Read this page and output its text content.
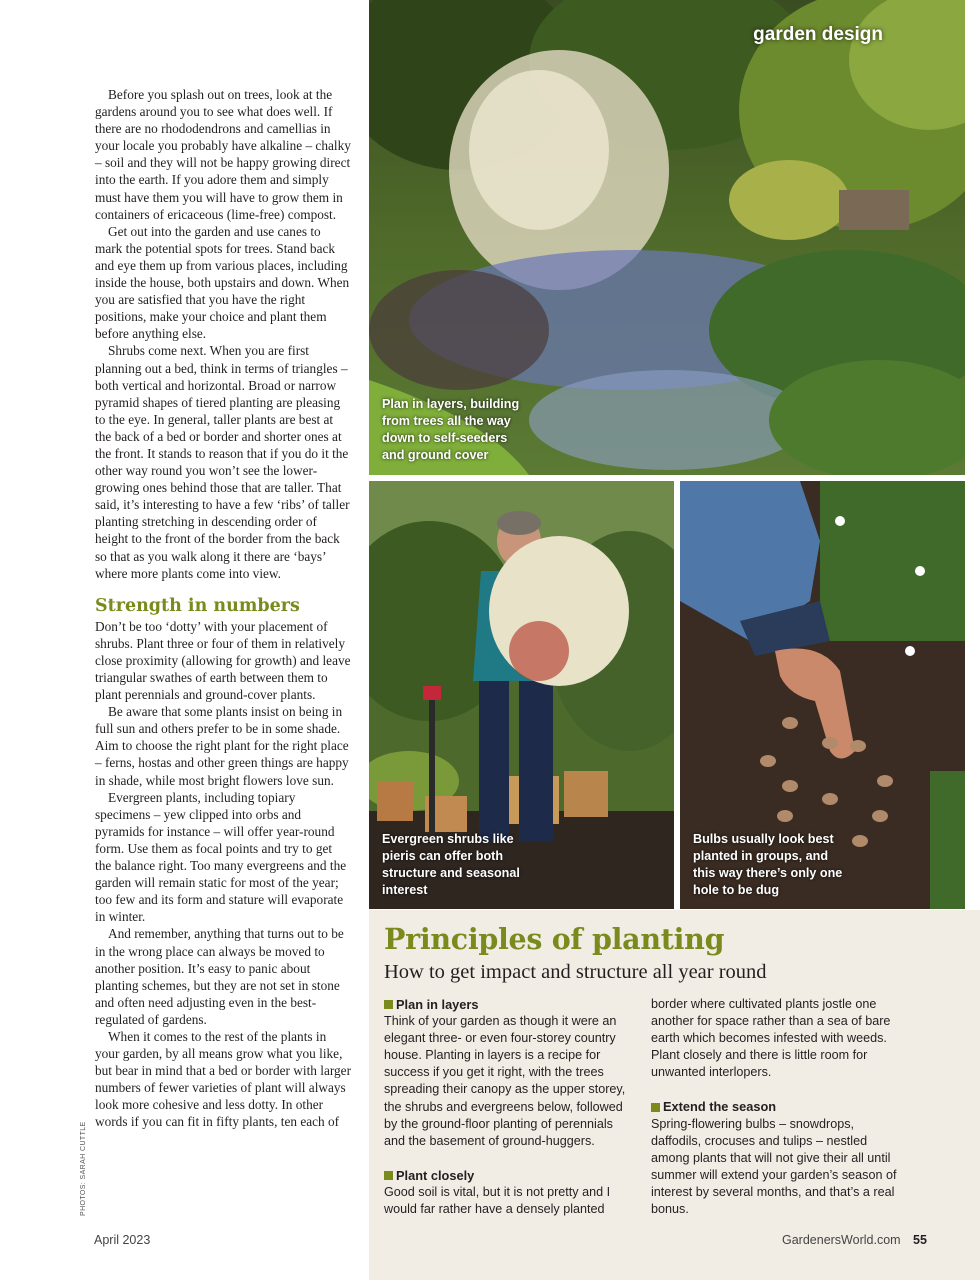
Before you splash out on trees, look at the gardens around you to see what does well. If there are no rhododendrons and camellias in your locale you probably have alkaline – chalky – soil and they will not be happy growing direct into the earth. If you adore them and simply must have them you will have to grow them in containers of ericaceous (lime-free) compost.

Get out into the garden and use canes to mark the potential spots for trees. Stand back and eye them up from various places, including inside the house, both upstairs and down. When you are satisfied that you have the right positions, make your choice and plant them before anything else.

Shrubs come next. When you are first planning out a bed, think in terms of triangles – both vertical and horizontal. Broad or narrow pyramid shapes of tiered planting are pleasing to the eye. In general, taller plants are best at the back of a bed or border and shorter ones at the front. It stands to reason that if you do it the other way round you won’t see the lower-growing ones behind those that are taller. That said, it’s interesting to have a few ‘ribs’ of taller planting stretching in descending order of height to the front of the border from the back so that as you walk along it there are ‘bays’ where more plants come into view.

Strength in numbers

Don’t be too ‘dotty’ with your placement of shrubs. Plant three or four of them in relatively close proximity (allowing for growth) and leave triangular swathes of earth between them to plant perennials and ground-cover plants.

Be aware that some plants insist on being in full sun and others prefer to be in some shade. Aim to choose the right plant for the right place – ferns, hostas and other green things are happy in shade, while most bright flowers love sun.

Evergreen plants, including topiary specimens – yew clipped into orbs and pyramids for instance – will offer year-round form. Use them as focal points and try to get the balance right. Too many evergreens and the garden will remain static for most of the year; too few and its form and stature will evaporate in winter.

And remember, anything that turns out to be in the wrong place can always be moved to another position. It’s easy to panic about planting schemes, but they are not set in stone and often need adjusting even in the best-regulated of gardens.

When it comes to the rest of the plants in your garden, by all means grow what you like, but bear in mind that a bed or border with larger numbers of fewer varieties of plant will always look more cohesive and less dotty. In other words if you can fit in fifty plants, ten each of

PHOTOS: SARAH CUTTLE
garden design
Plan in layers, building from trees all the way down to self-seeders and ground cover
Evergreen shrubs like pieris can offer both structure and seasonal interest
Bulbs usually look best planted in groups, and this way there’s only one hole to be dug
Principles of planting
How to get impact and structure all year round
Plan in layers

Think of your garden as though it were an elegant three- or even four-storey country house. Planting in layers is a recipe for success if you get it right, with the trees spreading their canopy as the upper storey, the shrubs and evergreens below, followed by the ground-floor planting of perennials and the basement of ground-huggers.

Plant closely

Good soil is vital, but it is not pretty and I would far rather have a densely planted

border where cultivated plants jostle one another for space rather than a sea of bare earth which becomes infested with weeds. Plant closely and there is little room for unwanted interlopers.

Extend the season

Spring-flowering bulbs – snowdrops, daffodils, crocuses and tulips – nestled among plants that will not give their all until summer will extend your garden’s season of interest by several months, and that’s a real bonus.

April 2023	GardenersWorld.com 55
